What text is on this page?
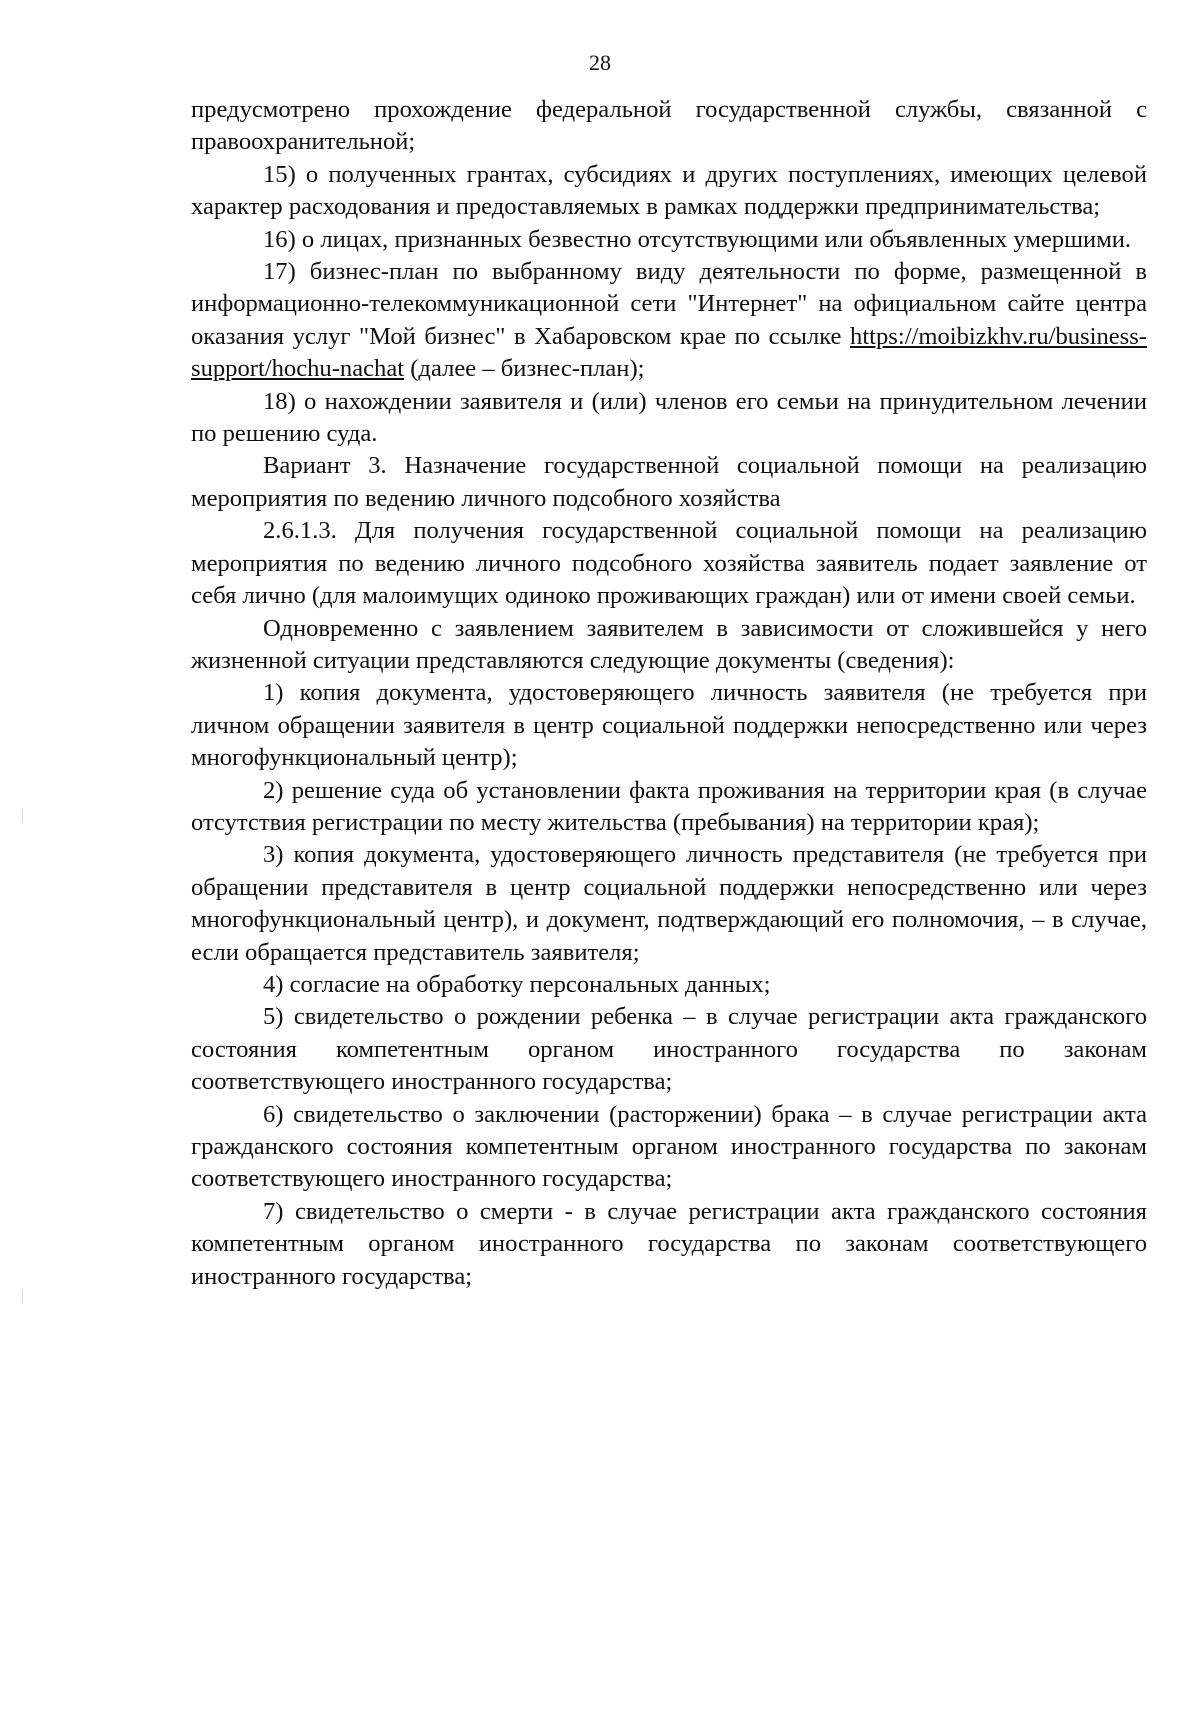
28

предусмотрено прохождение федеральной государственной службы, связанной с правоохранительной;

15) о полученных грантах, субсидиях и других поступлениях, имеющих целевой характер расходования и предоставляемых в рамках поддержки предпринимательства;

16) о лицах, признанных безвестно отсутствующими или объявленных умершими.

17) бизнес-план по выбранному виду деятельности по форме, размещенной в информационно-телекоммуникационной сети "Интернет" на официальном сайте центра оказания услуг "Мой бизнес" в Хабаровском крае по ссылке https://moibizkhv.ru/business-support/hochu-nachat (далее – бизнес-план);

18) о нахождении заявителя и (или) членов его семьи на принудительном лечении по решению суда.

Вариант 3. Назначение государственной социальной помощи на реализацию мероприятия по ведению личного подсобного хозяйства

2.6.1.3. Для получения государственной социальной помощи на реализацию мероприятия по ведению личного подсобного хозяйства заявитель подает заявление от себя лично (для малоимущих одиноко проживающих граждан) или от имени своей семьи.

Одновременно с заявлением заявителем в зависимости от сложившейся у него жизненной ситуации представляются следующие документы (сведения):

1) копия документа, удостоверяющего личность заявителя (не требуется при личном обращении заявителя в центр социальной поддержки непосредственно или через многофункциональный центр);

2) решение суда об установлении факта проживания на территории края (в случае отсутствия регистрации по месту жительства (пребывания) на территории края);

3) копия документа, удостоверяющего личность представителя (не требуется при обращении представителя в центр социальной поддержки непосредственно или через многофункциональный центр), и документ, подтверждающий его полномочия, – в случае, если обращается представитель заявителя;

4) согласие на обработку персональных данных;

5) свидетельство о рождении ребенка – в случае регистрации акта гражданского состояния компетентным органом иностранного государства по законам соответствующего иностранного государства;

6) свидетельство о заключении (расторжении) брака – в случае регистрации акта гражданского состояния компетентным органом иностранного государства по законам соответствующего иностранного государства;

7) свидетельство о смерти - в случае регистрации акта гражданского состояния компетентным органом иностранного государства по законам соответствующего иностранного государства;
